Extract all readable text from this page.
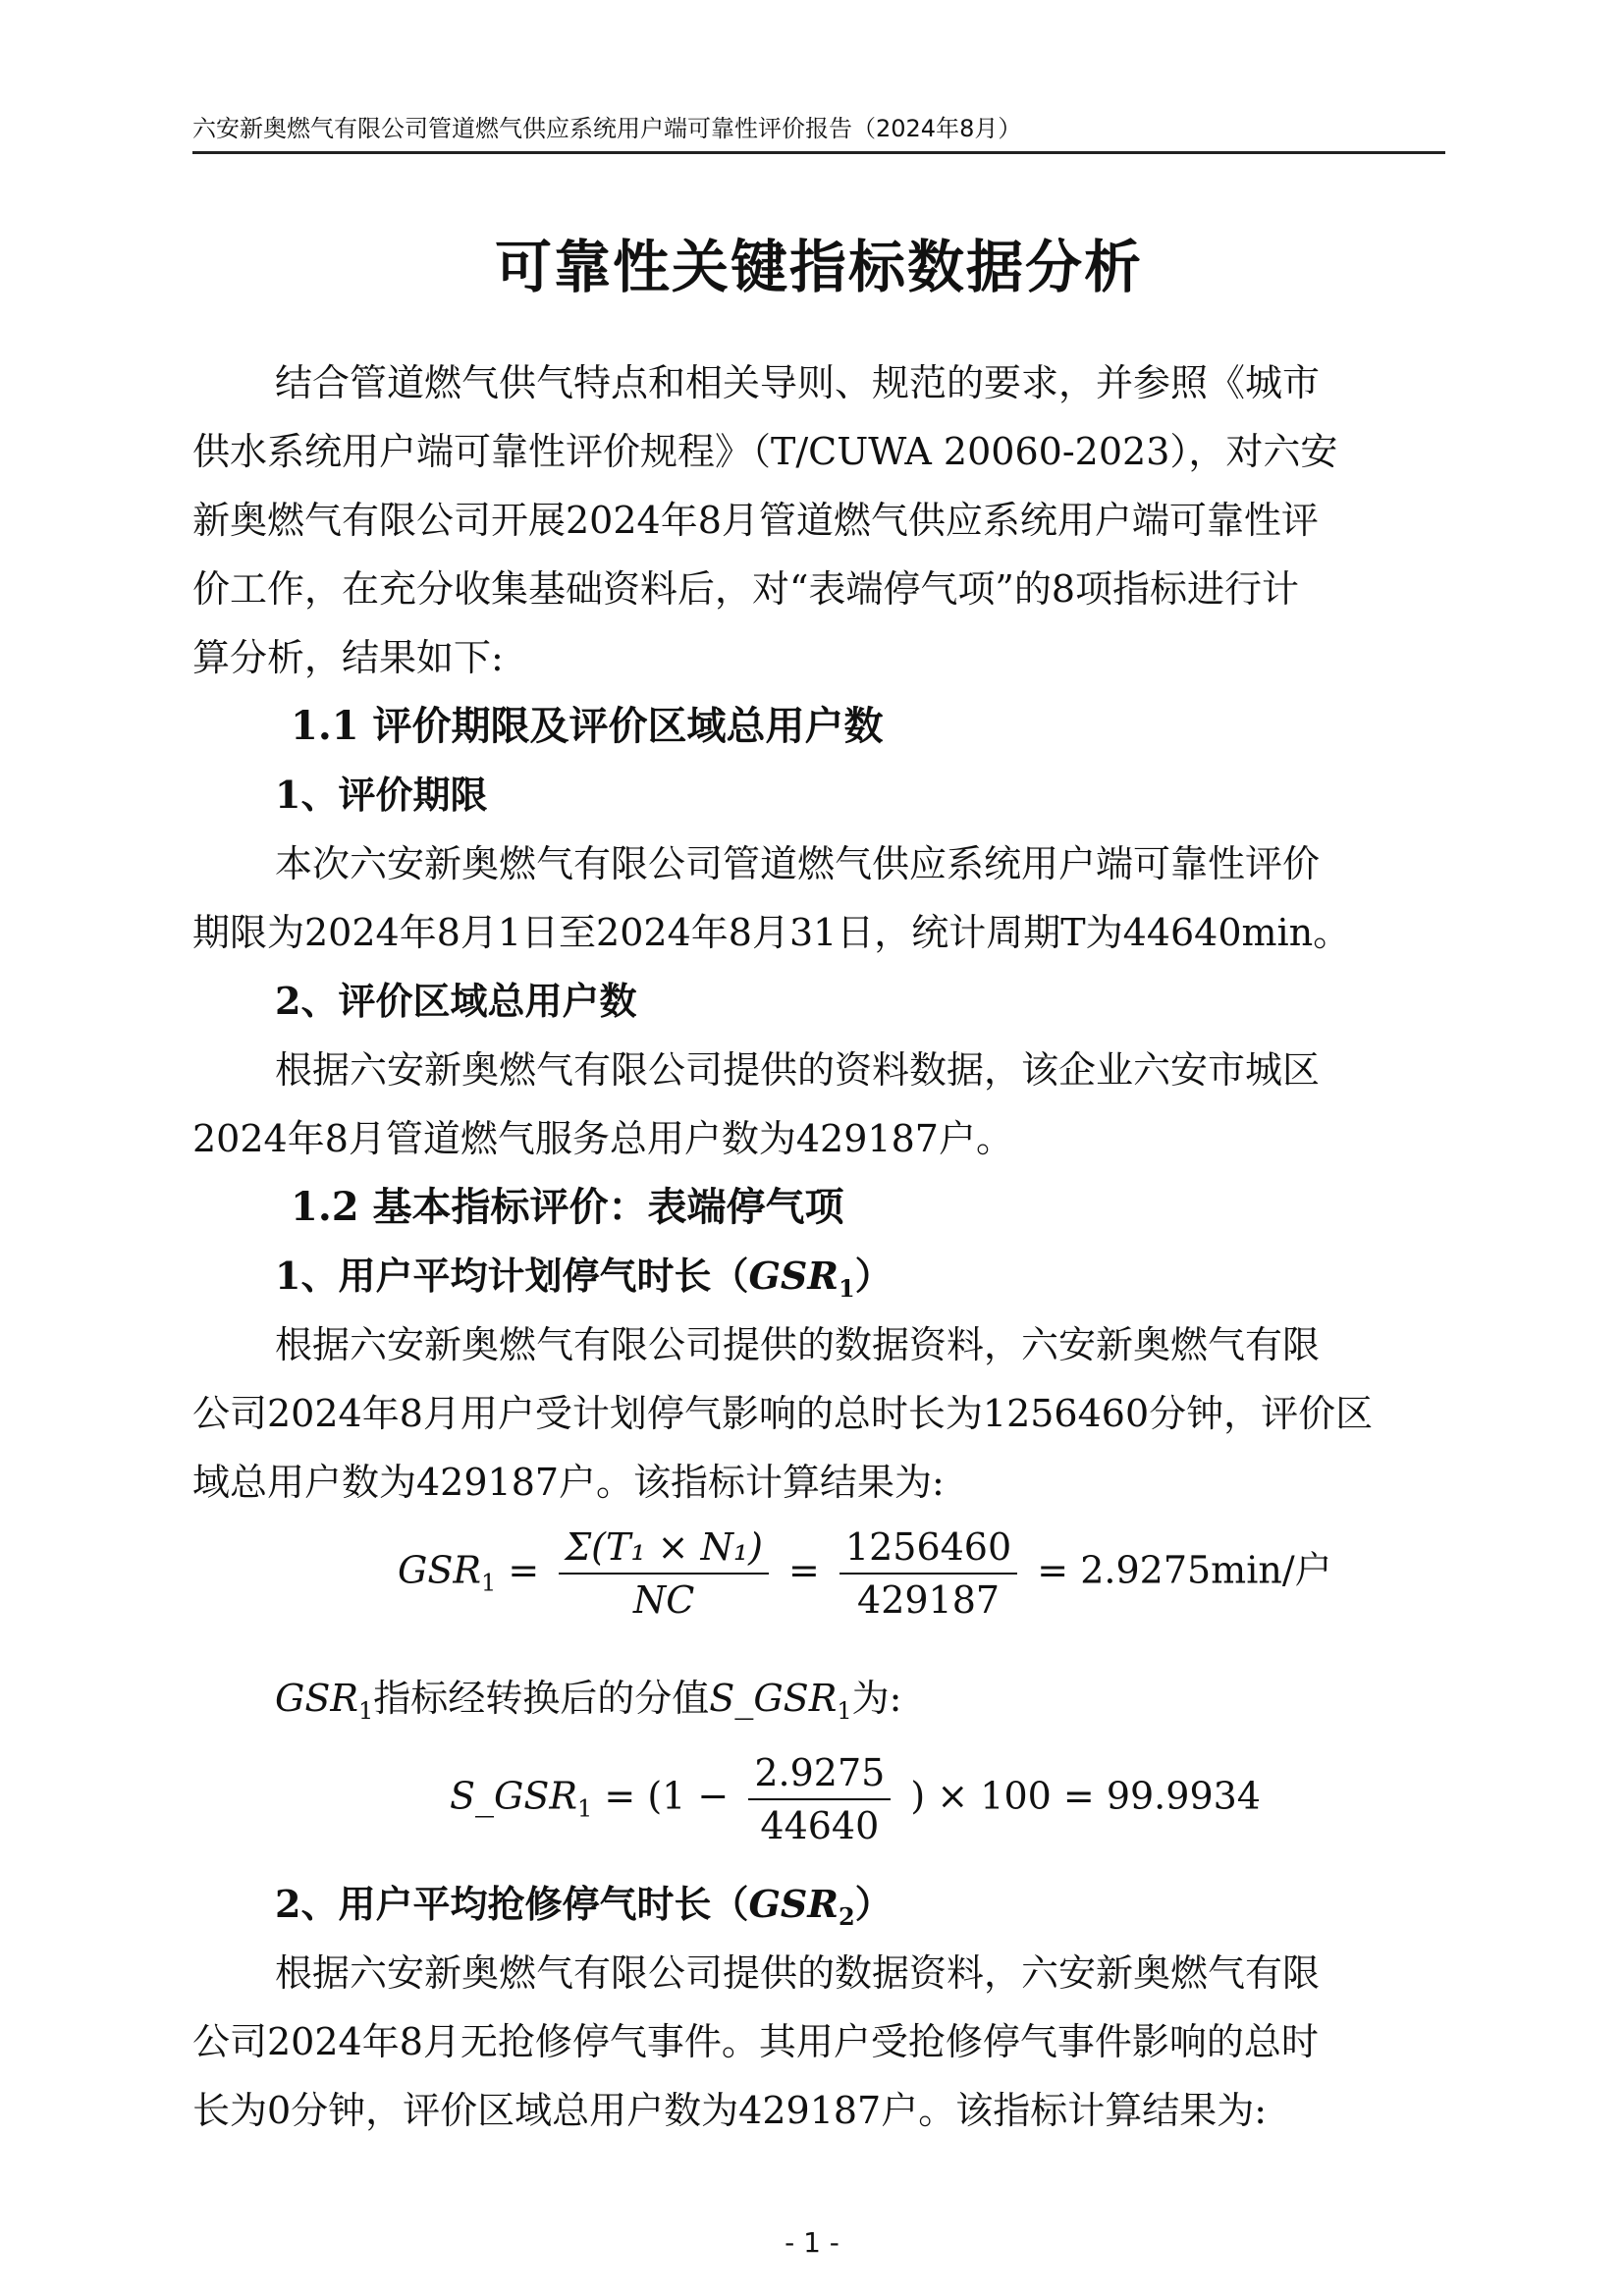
六安新奥燃气有限公司管道燃气供应系统用户端可靠性评价报告（2024年8月）
可靠性关键指标数据分析
结合管道燃气供气特点和相关导则、规范的要求，并参照《城市
供水系统用户端可靠性评价规程》（T/CUWA 20060-2023），对六安
新奥燃气有限公司开展2024年8月管道燃气供应系统用户端可靠性评
价工作，在充分收集基础资料后，对“表端停气项”的8项指标进行计
算分析，结果如下:
1.1 评价期限及评价区域总用户数
1、评价期限
本次六安新奥燃气有限公司管道燃气供应系统用户端可靠性评价
期限为2024年8月1日至2024年8月31日，统计周期T为44640min。
2、评价区域总用户数
根据六安新奥燃气有限公司提供的资料数据，该企业六安市城区
2024年8月管道燃气服务总用户数为429187户。
1.2 基本指标评价：表端停气项
1、用户平均计划停气时长$(GSR_1)$
根据六安新奥燃气有限公司提供的数据资料，六安新奥燃气有限
公司2024年8月用户受计划停气影响的总时长为1256460分钟，评价区
域总用户数为429187户。该指标计算结果为:
$GSR_1 = \frac{\text{Σ(T₁ × N₁)}}{NC} = \frac{1256460}{429187} = 2.9275\min/$户
$GSR_1$指标经转换后的分值$S\_GSR_1$为:
$S\_GSR_1 = (1 - \frac{2.9275}{44640}$ ) × 100 = 99.9934
2、用户平均抢修停气时长$(GSR_2)$
根据六安新奥燃气有限公司提供的数据资料，六安新奥燃气有限
公司2024年8月无抢修停气事件。其用户受抢修停气事件影响的总时
长为0分钟，评价区域总用户数为429187户。该指标计算结果为:
- 1 -
